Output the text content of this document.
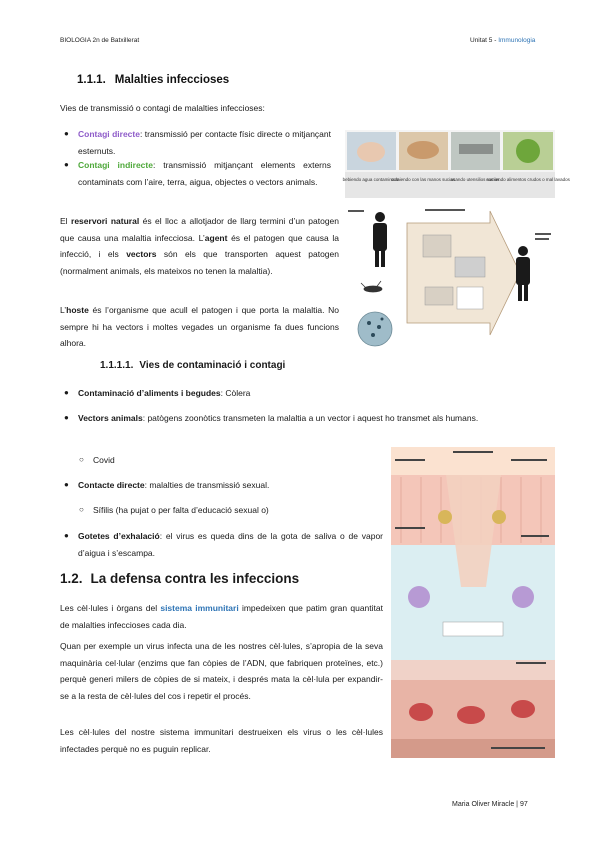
BIOLOGIA 2n de Batxillerat	Unitat 5 - Immunologia
1.1.1. Malalties infeccioses
Vies de transmissió o contagi de malalties infeccioses:
● Contagi directe: transmissió per contacte físic directe o mitjançant esternuts.
● Contagi indirecte: transmissió mitjançant elements externs contaminats com l’aire, terra, aigua, objectes o vectors animals.
El reservori natural és el lloc a allotjador de llarg termini d’un patogen que causa una malaltia infecciosa. L’agent és el patogen que causa la infecció, i els vectors són els que transporten aquest patogen (normalment animals, els mateixos no tenen la malaltia).
L’hoste és l’organisme que acull el patogen i que porta la malaltia. No sempre hi ha vectors i moltes vegades un organisme fa dues funcions alhora.
1.1.1.1. Vies de contaminació i contagi
● Contaminació d’aliments i begudes: Còlera
● Vectors animals: patògens zoonòtics transmeten la malaltia a un vector i aquest ho transmet als humans.
○ Covid
● Contacte directe: malalties de transmissió sexual.
○ Sífilis (ha pujat o per falta d’educació sexual o)
● Gotetes d’exhalació: el virus es queda dins de la gota de saliva o de vapor d’aigua i s’escampa.
1.2. La defensa contra les infeccions
Les cèl·lules i òrgans del sistema immunitari impedeixen que patim gran quantitat de malalties infeccioses cada dia.
Quan per exemple un virus infecta una de les nostres cèl·lules, s’apropia de la seva maquinària cel·lular (enzims que fan còpies de l’ADN, que fabriquen proteïnes, etc.) perquè generi milers de còpies de si mateix, i després mata la cèl·lula per expandir-se a la resta de cèl·lules del cos i repetir el procés.
Les cèl·lules del nostre sistema immunitari destrueixen els virus o les cèl·lules infectades perquè no es puguin replicar.
bebiendo agua contaminada
comiendo con las manos sucias
usando utensilios sucios
comiendo alimentos crudos o mal lavados
Maria Oliver Miracle | 97
